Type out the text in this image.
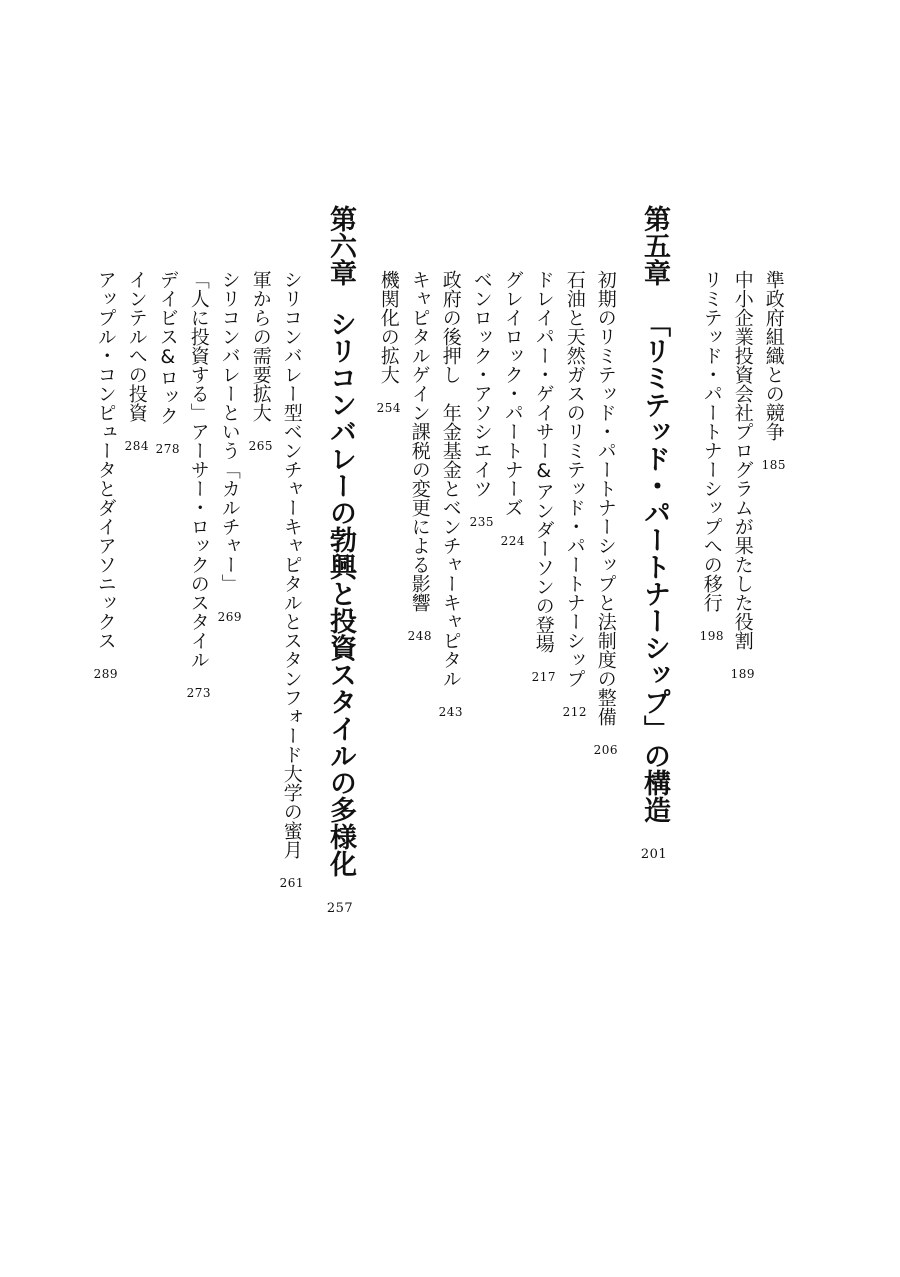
準政府組織との競争185
中小企業投資会社プログラムが果たした役割189
リミテッド・パートナーシップへの移行198
第五章「リミテッド・パートナーシップ」の構造201
初期のリミテッド・パートナーシップと法制度の整備206
石油と天然ガスのリミテッド・パートナーシップ212
ドレイパー・ゲイサー&アンダーソンの登場217
グレイロック・パートナーズ224
ベンロック・アソシエイツ235
政府の後押し　年金基金とベンチャーキャピタル243
キャピタルゲイン課税の変更による影響248
機関化の拡大254
第六章シリコンバレーの勃興と投資スタイルの多様化257
シリコンバレー型ベンチャーキャピタルとスタンフォード大学の蜜月261
軍からの需要拡大265
シリコンバレーという「カルチャー」269
「人に投資する」アーサー・ロックのスタイル273
デイビス&ロック278
インテルへの投資284
アップル・コンピュータとダイアソニックス289
